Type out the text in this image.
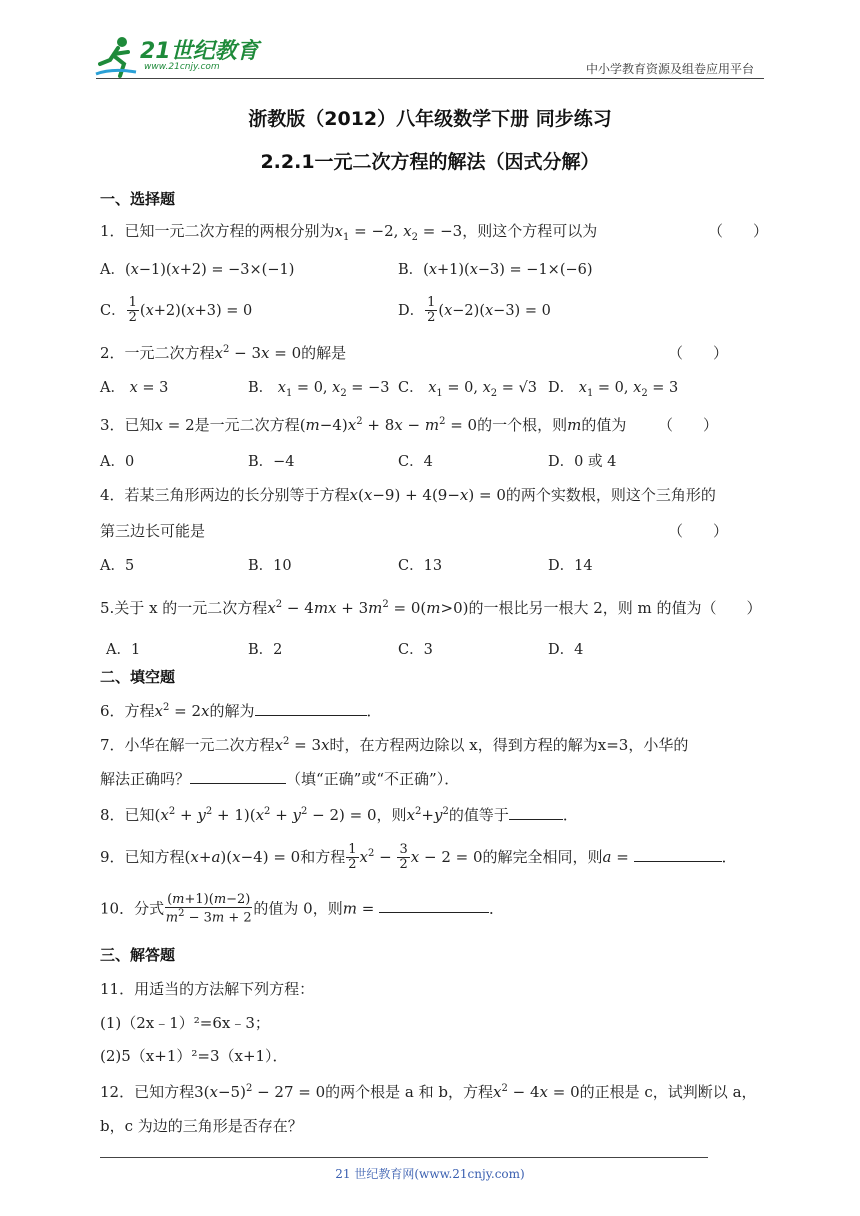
21世纪教育
www.21cnjy.com	中小学教育资源及组卷应用平台
浙教版（2012）八年级数学下册 同步练习
2.2.1一元二次方程的解法（因式分解）
一、选择题
1．已知一元二次方程的两根分别为$x_1 = -2$, $x_2 = -3$，则这个方程可以为	（　　）
A．(x−1)(x+2) = −3×(−1)	B．(x+1)(x−3) = −1×(−6)
C． $\frac{1}{2} (x+2)(x+3) = 0$	D． $\frac{1}{2} (x-2)(x-3) = 0$
2．一元二次方程$x^2 - 3x = 0$的解是	（　　）
A． x = 3	B． $x_1 = 0$, $x_2 = -3$ C． $x_1 = 0$, $x_2 = √3$ D． $x_1 = 0$, $x_2 = 3$
3．已知x = 2是一元二次方程$(m-4)x^2 + 8x - m^2 = 0$的一个根，则m的值为 （　　）
A．0	B．−4	C．4	D．0 或 4
4．若某三角形两边的长分别等于方程x(x−9) + 4(9−x) = 0的两个实数根，则这个三角形的
第三边长可能是	（　　）
A．5	B．10	C．13	D．14
5.关于 x 的一元二次方程$x^2 - 4mx + 3m^2 = 0(m>0)$的一根比另一根大 2，则 m 的值为（　　）
A．1	B．2	C．3	D．4
二、填空题
6．方程$x^2 = 2x$的解为	．
7．小华在解一元二次方程$x^2 = 3x$时，在方程两边除以 x，得到方程的解为x=3，小华的
解法正确吗？	（填“正确”或“不正确”）．
8．已知$(x^2 + y^2 + 1)(x^2 + y^2 - 2) = 0$，则$x^2+y^2$的值等于	．
9．已知方程(x+a)(x−4) = 0和方程 $\frac{1}{2} x^2 - \frac{3}{2}$ x − 2 = 0的解完全相同，则a =	．
10．分式 $\frac{(m+1)(m-2)}{m^2 - 3m + 2}$ 的值为 0，则m =	．
三、解答题
11．用适当的方法解下列方程：
(1)（2x﹣1）²=6x﹣3；
(2)5（x+1）²=3（x+1）．
12．已知方程$3(x-5)^2 - 27 = 0$的两个根是 a 和 b，方程$x^2 - 4x = 0$的正根是 c，试判断以 a，
b，c 为边的三角形是否存在？
21 世纪教育网(www.21cnjy.com)
